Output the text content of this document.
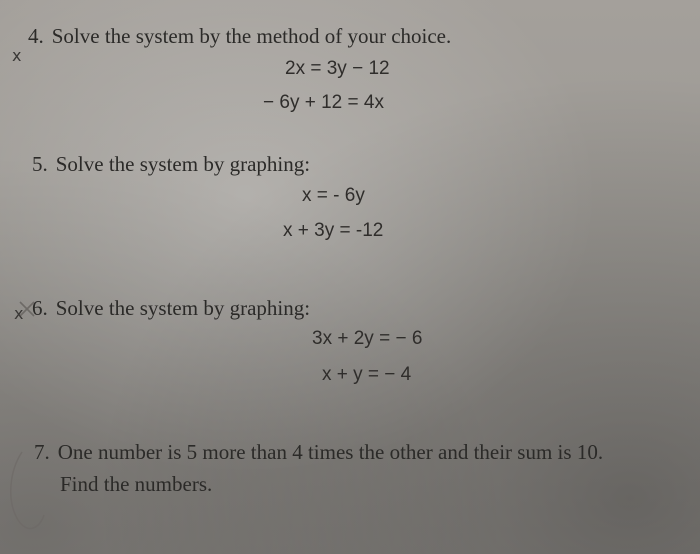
x
4. Solve the system by the method of your choice.
2x = 3y − 12
− 6y + 12 = 4x
5. Solve the system by graphing:
x = - 6y
x + 3y = -12
x 6. Solve the system by graphing:
3x + 2y = − 6
x + y = − 4
7. One number is 5 more than 4 times the other and their sum is 10.
Find the numbers.
